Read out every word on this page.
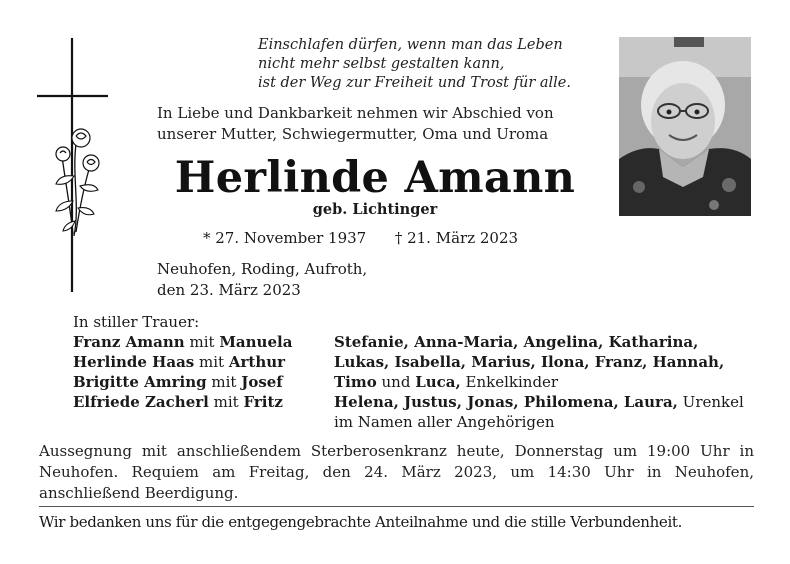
Einschlafen dürfen, wenn man das Leben
nicht mehr selbst gestalten kann,
ist der Weg zur Freiheit und Trost für alle.
In Liebe und Dankbarkeit nehmen wir Abschied von
unserer Mutter, Schwiegermutter, Oma und Uroma
Herlinde Amann
geb. Lichtinger
* 27. November 1937 † 21. März 2023
Neuhofen, Roding, Aufroth,
den 23. März 2023
In stiller Trauer:
Franz Amann mit Manuela
Herlinde Haas mit Arthur
Brigitte Amring mit Josef
Elfriede Zacherl mit Fritz
Stefanie, Anna-Maria, Angelina, Katharina,
Lukas, Isabella, Marius, Ilona, Franz, Hannah,
Timo und Luca, Enkelkinder
Helena, Justus, Jonas, Philomena, Laura, Urenkel
im Namen aller Angehörigen
Aussegnung mit anschließendem Sterberosenkranz heute, Donnerstag um 19:00 Uhr in Neuhofen. Requiem am Freitag, den 24. März 2023, um 14:30 Uhr in Neuhofen, anschließend Beerdigung.
Wir bedanken uns für die entgegengebrachte Anteilnahme und die stille Verbundenheit.
